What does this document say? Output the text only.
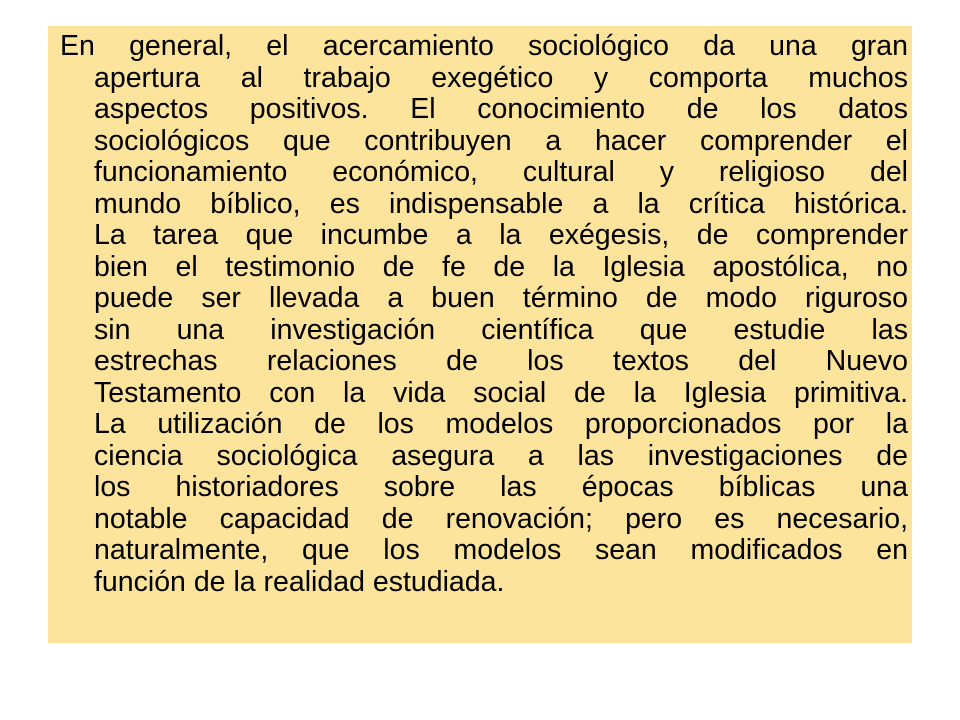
En general, el acercamiento sociológico da una gran
apertura al trabajo exegético y comporta muchos
aspectos positivos. El conocimiento de los datos
sociológicos que contribuyen a hacer comprender el
funcionamiento económico, cultural y religioso del
mundo bíblico, es indispensable a la crítica histórica.
La tarea que incumbe a la exégesis, de comprender
bien el testimonio de fe de la Iglesia apostólica, no
puede ser llevada a buen término de modo riguroso
sin una investigación científica que estudie las
estrechas relaciones de los textos del Nuevo
Testamento con la vida social de la Iglesia primitiva.
La utilización de los modelos proporcionados por la
ciencia sociológica asegura a las investigaciones de
los historiadores sobre las épocas bíblicas una
notable capacidad de renovación; pero es necesario,
naturalmente, que los modelos sean modificados en
función de la realidad estudiada.
